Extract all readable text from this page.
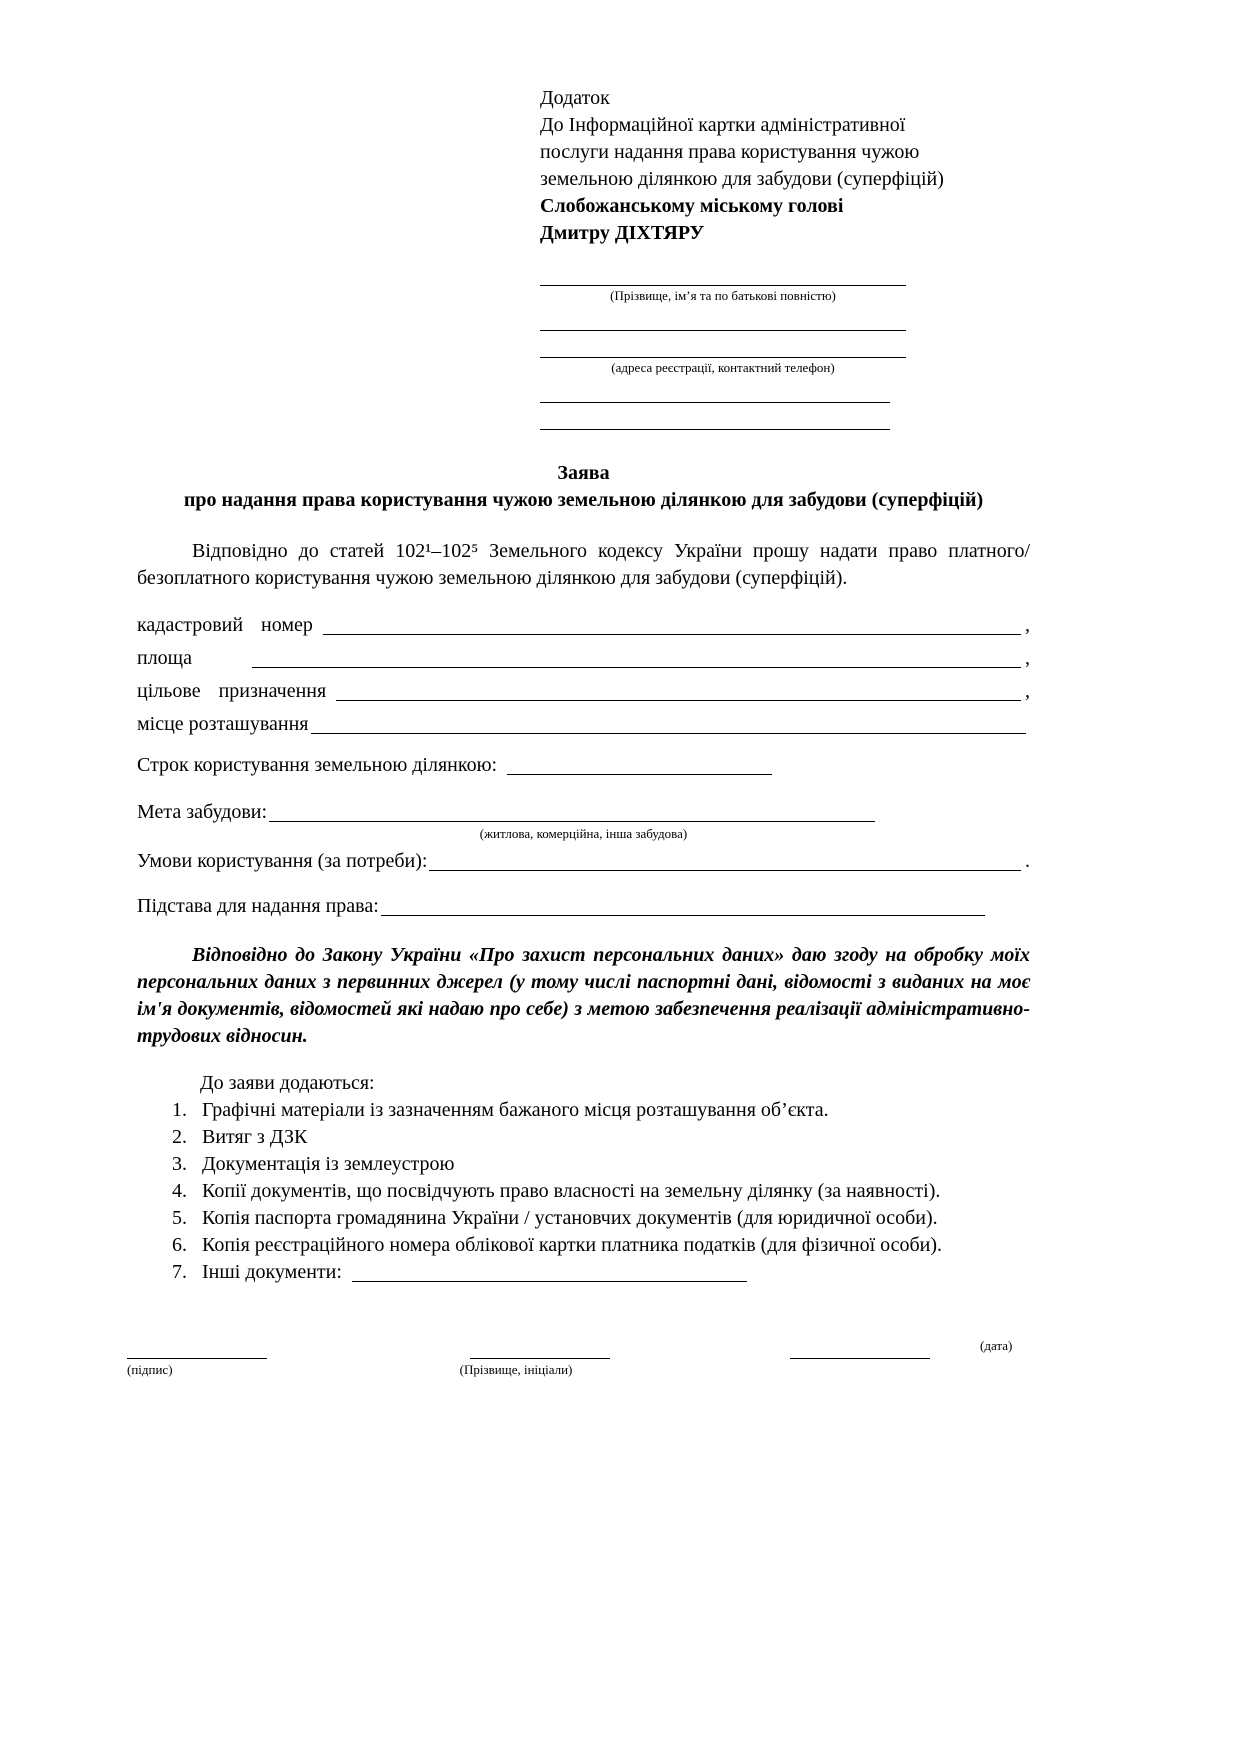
Додаток
До Інформаційної картки адміністративної
послуги надання права користування чужою
земельною ділянкою для забудови (суперфіцій)
Слобожанському міському голові
Дмитру ДІХТЯРУ
(Прізвище, ім’я та по батькові повністю)
(адреса реєстрації, контактний телефон)
Заява
про надання права користування чужою земельною ділянкою для забудови (суперфіцій)

Відповідно до статей 102¹–102⁵ Земельного кодексу України прошу надати право платного/безоплатного користування чужою земельною ділянкою для забудови (суперфіцій).

кадастровий номер	,
площа	,
цільове призначення	,
місце розташування
Строк користування земельною ділянкою:
Мета забудови:
(житлова, комерційна, інша забудова)
Умови користування (за потреби):	.
Підстава для надання права:

Відповідно до Закону України «Про захист персональних даних» даю згоду на обробку моїх персональних даних з первинних джерел (у тому числі паспортні дані, відомості з виданих на моє ім'я документів, відомостей які надаю про себе) з метою забезпечення реалізації адміністративно-трудових відносин.

До заяви додаються:
1. Графічні матеріали із зазначенням бажаного місця розташування об’єкта.
2. Витяг з ДЗК
3. Документація із землеустрою
4. Копії документів, що посвідчують право власності на земельну ділянку (за наявності).
5. Копія паспорта громадянина України / установчих документів (для юридичної особи).
6. Копія реєстраційного номера облікової картки платника податків (для фізичної особи).
7. Інші документи:
(підпис)	(Прізвище, ініціали)
(дата)
